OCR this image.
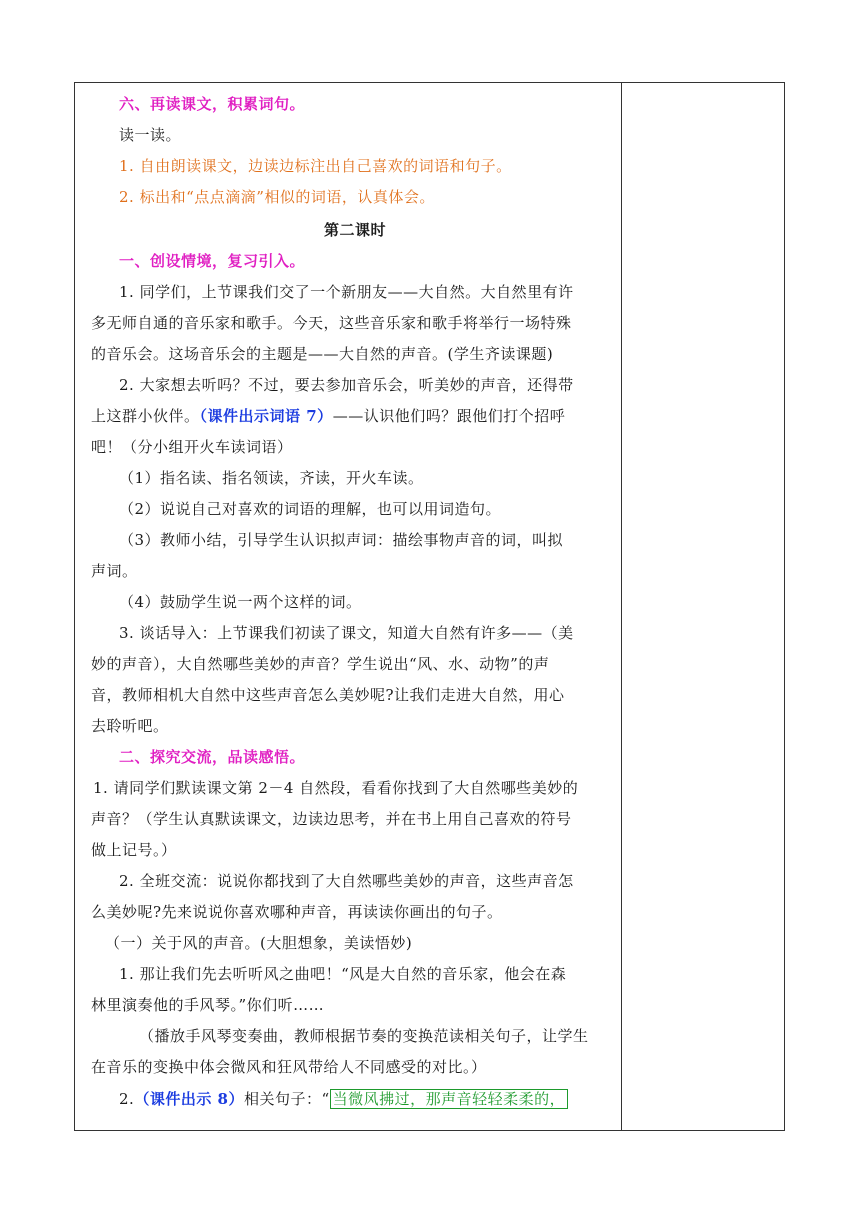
六、再读课文，积累词句。
读一读。
1. 自由朗读课文，边读边标注出自己喜欢的词语和句子。
2. 标出和“点点滴滴”相似的词语，认真体会。
第二课时
一、创设情境，复习引入。
1. 同学们，上节课我们交了一个新朋友——大自然。大自然里有许
多无师自通的音乐家和歌手。今天，这些音乐家和歌手将举行一场特殊
的音乐会。这场音乐会的主题是——大自然的声音。(学生齐读课题)
2. 大家想去听吗？不过，要去参加音乐会，听美妙的声音，还得带
上这群小伙伴。（课件出示词语 7）——认识他们吗？跟他们打个招呼
吧！（分小组开火车读词语）
（1）指名读、指名领读，齐读，开火车读。
（2）说说自己对喜欢的词语的理解，也可以用词造句。
（3）教师小结，引导学生认识拟声词：描绘事物声音的词，叫拟
声词。
（4）鼓励学生说一两个这样的词。
3. 谈话导入：上节课我们初读了课文，知道大自然有许多——（美
妙的声音），大自然哪些美妙的声音？学生说出“风、水、动物”的声
音，教师相机大自然中这些声音怎么美妙呢?让我们走进大自然，用心
去聆听吧。
二、探究交流，品读感悟。
1. 请同学们默读课文第 2－4 自然段，看看你找到了大自然哪些美妙的
声音？（学生认真默读课文，边读边思考，并在书上用自己喜欢的符号
做上记号。）
2. 全班交流：说说你都找到了大自然哪些美妙的声音，这些声音怎
么美妙呢?先来说说你喜欢哪种声音，再读读你画出的句子。
（一）关于风的声音。(大胆想象，美读悟妙)
1. 那让我们先去听听风之曲吧！“风是大自然的音乐家，他会在森
林里演奏他的手风琴。”你们听……
（播放手风琴变奏曲，教师根据节奏的变换范读相关句子，让学生
在音乐的变换中体会微风和狂风带给人不同感受的对比。）
2.（课件出示 8）相关句子：“ 当微风拂过，那声音轻轻柔柔的，
